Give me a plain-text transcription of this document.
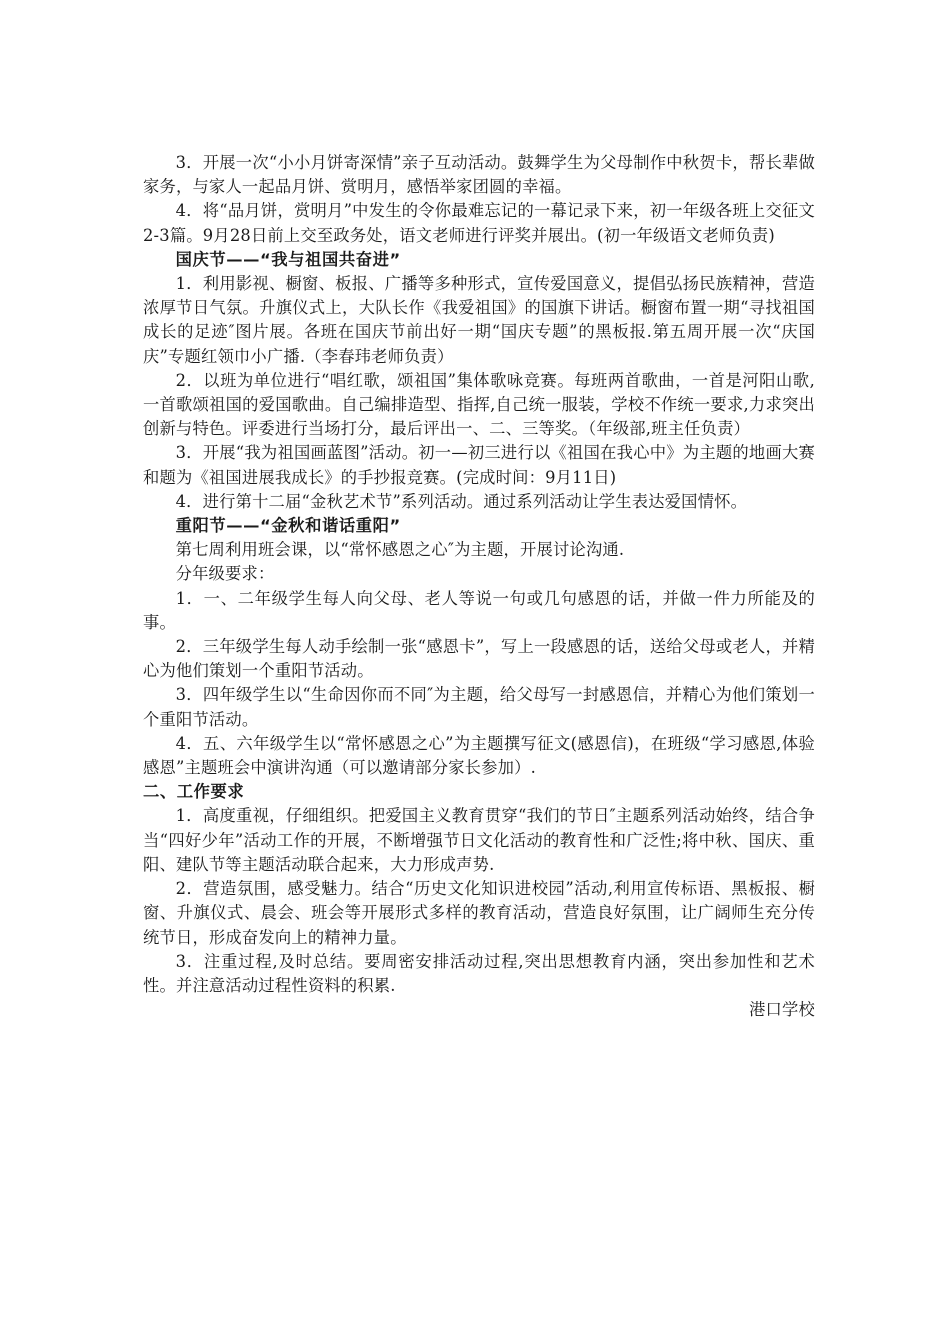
3．开展一次“小小月饼寄深情”亲子互动活动。鼓舞学生为父母制作中秋贺卡，帮长辈做家务，与家人一起品月饼、赏明月，感悟举家团圆的幸福。

4．将“品月饼，赏明月”中发生的令你最难忘记的一幕记录下来，初一年级各班上交征文2-3篇。9月28日前上交至政务处，语文老师进行评奖并展出。(初一年级语文老师负责)

国庆节——“我与祖国共奋进”

1．利用影视、橱窗、板报、广播等多种形式，宣传爱国意义，提倡弘扬民族精神，营造浓厚节日气氛。升旗仪式上，大队长作《我爱祖国》的国旗下讲话。橱窗布置一期“寻找祖国成长的足迹″图片展。各班在国庆节前出好一期“国庆专题”的黑板报.第五周开展一次“庆国庆”专题红领巾小广播.（李春玮老师负责）

2．以班为单位进行“唱红歌，颂祖国”集体歌咏竞赛。每班两首歌曲，一首是河阳山歌,一首歌颂祖国的爱国歌曲。自己编排造型、指挥,自己统一服装，学校不作统一要求,力求突出创新与特色。评委进行当场打分，最后评出一、二、三等奖。（年级部,班主任负责）

3．开展“我为祖国画蓝图”活动。初一—初三进行以《祖国在我心中》为主题的地画大赛和题为《祖国进展我成长》的手抄报竞赛。(完成时间：9月11日)

4．进行第十二届“金秋艺术节”系列活动。通过系列活动让学生表达爱国情怀。

重阳节——“金秋和谐话重阳”

第七周利用班会课，以“常怀感恩之心″为主题，开展讨论沟通.

分年级要求：

1．一、二年级学生每人向父母、老人等说一句或几句感恩的话，并做一件力所能及的事。

2．三年级学生每人动手绘制一张“感恩卡”，写上一段感恩的话，送给父母或老人，并精心为他们策划一个重阳节活动。

3．四年级学生以“生命因你而不同″为主题，给父母写一封感恩信，并精心为他们策划一个重阳节活动。

4．五、六年级学生以“常怀感恩之心”为主题撰写征文(感恩信)，在班级“学习感恩,体验感恩”主题班会中演讲沟通（可以邀请部分家长参加）.

二、工作要求

1．高度重视，仔细组织。把爱国主义教育贯穿“我们的节日″主题系列活动始终，结合争当“四好少年”活动工作的开展，不断增强节日文化活动的教育性和广泛性;将中秋、国庆、重阳、建队节等主题活动联合起来，大力形成声势.

2．营造氛围，感受魅力。结合“历史文化知识进校园”活动,利用宣传标语、黑板报、橱窗、升旗仪式、晨会、班会等开展形式多样的教育活动，营造良好氛围，让广阔师生充分传统节日，形成奋发向上的精神力量。

3．注重过程,及时总结。要周密安排活动过程,突出思想教育内涵，突出参加性和艺术性。并注意活动过程性资料的积累.

港口学校
